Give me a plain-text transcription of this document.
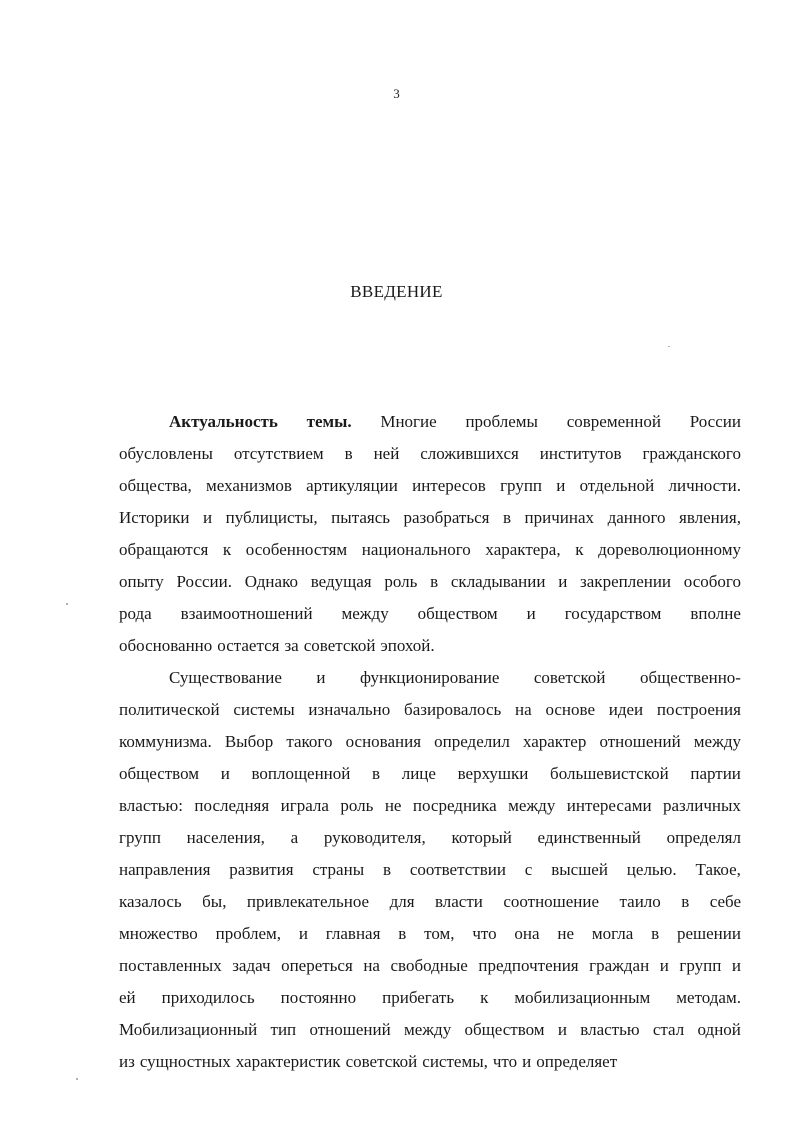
3
ВВЕДЕНИЕ
Актуальность темы. Многие проблемы современной России
обусловлены отсутствием в ней сложившихся институтов гражданского
общества, механизмов артикуляции интересов групп и отдельной личности.
Историки и публицисты, пытаясь разобраться в причинах данного явления,
обращаются к особенностям национального характера, к дореволюционному
опыту России. Однако ведущая роль в складывании и закреплении особого
рода взаимоотношений между обществом и государством вполне
обоснованно остается за советской эпохой.
Существование и функционирование советской общественно-
политической системы изначально базировалось на основе идеи построения
коммунизма. Выбор такого основания определил характер отношений между
обществом и воплощенной в лице верхушки большевистской партии
властью: последняя играла роль не посредника между интересами различных
групп населения, а руководителя, который единственный определял
направления развития страны в соответствии с высшей целью. Такое,
казалось бы, привлекательное для власти соотношение таило в себе
множество проблем, и главная в том, что она не могла в решении
поставленных задач опереться на свободные предпочтения граждан и групп и
ей приходилось постоянно прибегать к мобилизационным методам.
Мобилизационный тип отношений между обществом и властью стал одной
из сущностных характеристик советской системы, что и определяет
